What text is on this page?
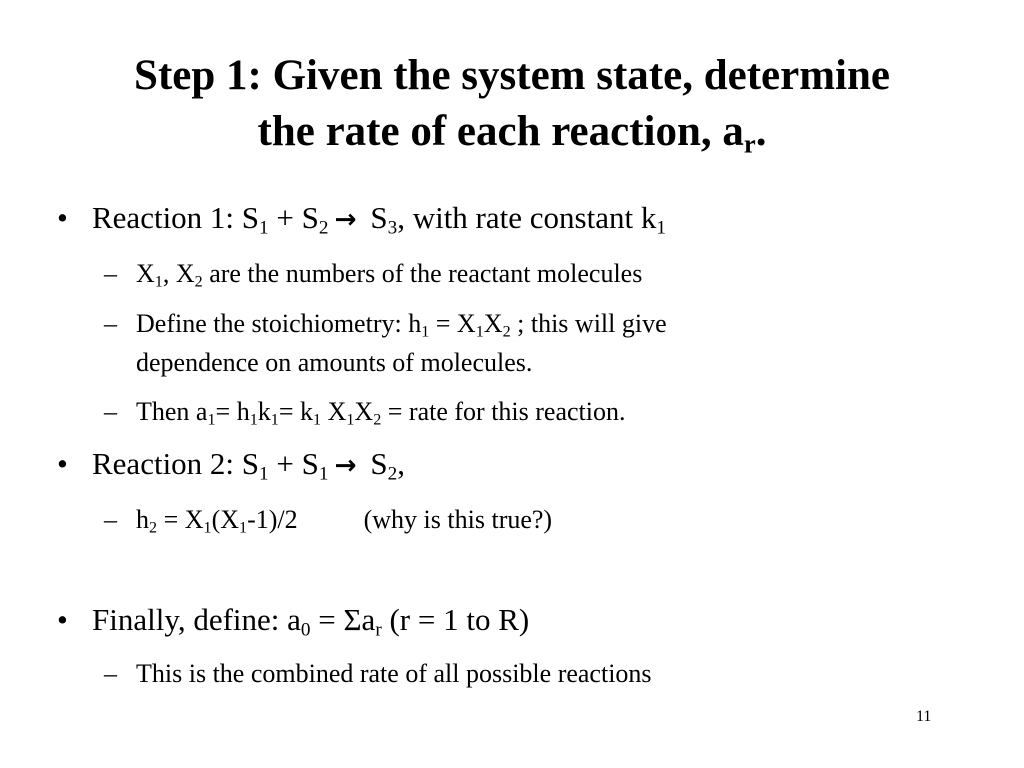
Step 1: Given the system state, determine
the rate of each reaction, $a_r$.
• Reaction 1: $S_1 + S_2 \to S_3$, with rate constant $k_1$
– $X_1$, $X_2$ are the numbers of the reactant molecules
– Define the stoichiometry: $h_1 = X_1X_2$ ; this will give
dependence on amounts of molecules.
– Then $a_1= h_1k_1= k_1$ $X_1X_2$ = rate for this reaction.
• Reaction 2: $S_1 + S_1 \to S_2$,
– $h_2 = X_1(X_1-1)/2$	(why is this true?)
• Finally, define: $a_0 = \Sigma a_r$ (r = 1 to R)
– This is the combined rate of all possible reactions
11
